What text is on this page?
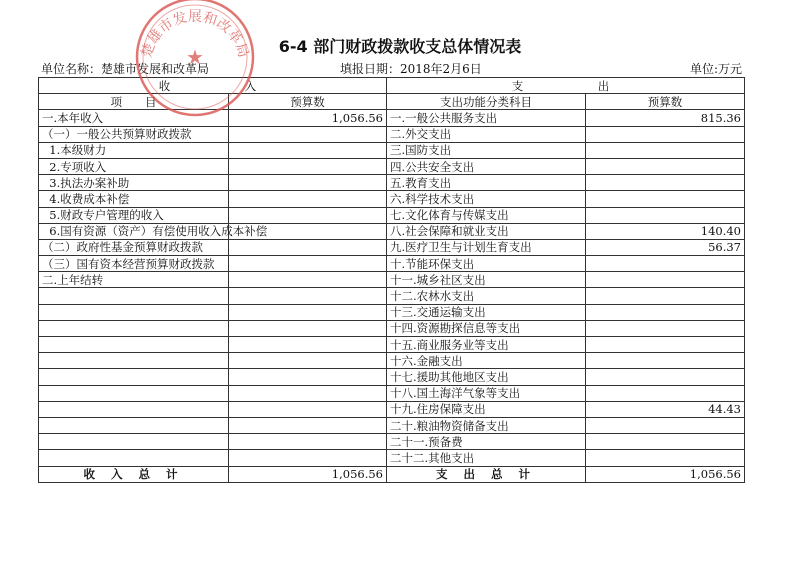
6-4 部门财政拨款收支总体情况表
单位名称：楚雄市发展和改革局	填报日期：2018年2月6日	单位:万元
收　　　入		支　　　出	
项　　目	预算数	支出功能分类科目	预算数
一.本年收入	1,056.56	一.一般公共服务支出	815.36
（一）一般公共预算财政拨款		二.外交支出	
1.本级财力		三.国防支出	
2.专项收入		四.公共安全支出	
3.执法办案补助		五.教育支出	
4.收费成本补偿		六.科学技术支出	
5.财政专户管理的收入		七.文化体育与传媒支出	
6.国有资源（资产）有偿使用收入成本补偿		八.社会保障和就业支出	140.40
（二）政府性基金预算财政拨款		九.医疗卫生与计划生育支出	56.37
（三）国有资本经营预算财政拨款		十.节能环保支出	
二.上年结转		十一.城乡社区支出	
		十二.农林水支出	
		十三.交通运输支出	
		十四.资源勘探信息等支出	
		十五.商业服务业等支出	
		十六.金融支出	
		十七.援助其他地区支出	
		十八.国土海洋气象等支出	
		十九.住房保障支出	44.43
		二十.粮油物资储备支出	
		二十一.预备费	
		二十二.其他支出	
收 入 总 计	1,056.56	支 出 总 计	1,056.56
★
楚雄市发展和改革局
